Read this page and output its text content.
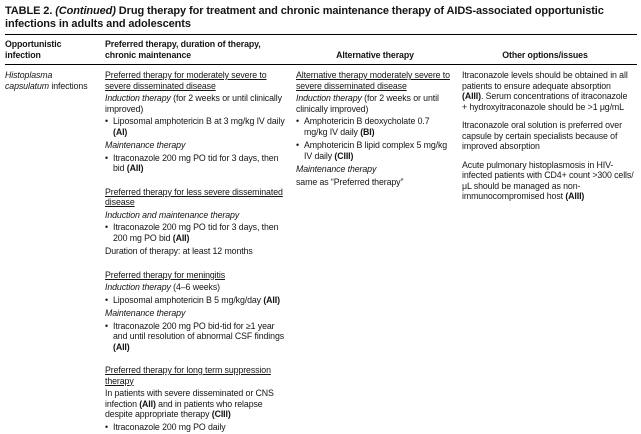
TABLE 2. (Continued) Drug therapy for treatment and chronic maintenance therapy of AIDS-associated opportunistic infections in adults and adolescents
Opportunistic infection
Preferred therapy, duration of therapy, chronic maintenance	Alternative therapy	Other options/issues
Histoplasma capsulatum infections
Preferred therapy for moderately severe to severe disseminated disease
Induction therapy (for 2 weeks or until clinically improved)
• Liposomal amphotericin B at 3 mg/kg IV daily (AI)
Maintenance therapy
• Itraconazole 200 mg PO tid for 3 days, then bid (AII)
Preferred therapy for less severe disseminated disease
Induction and maintenance therapy
• Itraconazole 200 mg PO tid for 3 days, then 200 mg PO bid (AII)
Duration of therapy: at least 12 months
Preferred therapy for meningitis
Induction therapy (4–6 weeks)
• Liposomal amphotericin B 5 mg/kg/day (AII)
Maintenance therapy
• Itraconazole 200 mg PO bid-tid for ≥1 year and until resolution of abnormal CSF findings (AII)
Preferred therapy for long term suppression therapy
In patients with severe disseminated or CNS infection (AII) and in patients who relapse despite appropriate therapy (CIII)
• Itraconazole 200 mg PO daily
Alternative therapy moderately severe to severe disseminated disease
Induction therapy (for 2 weeks or until clinically improved)
• Amphotericin B deoxycholate 0.7 mg/kg IV daily (BI)
• Amphotericin B lipid complex 5 mg/kg IV daily (CIII)
Maintenance therapy
same as “Preferred therapy”
Itraconazole levels should be obtained in all patients to ensure adequate absorption (AIII). Serum concentrations of itraconazole + hydroxyitraconazole should be >1 μg/mL
Itraconazole oral solution is preferred over capsule by certain specialists because of improved absorption
Acute pulmonary histoplasmosis in HIV-infected patients with CD4+ count >300 cells/μL should be managed as non-immunocompromised host (AIII)
